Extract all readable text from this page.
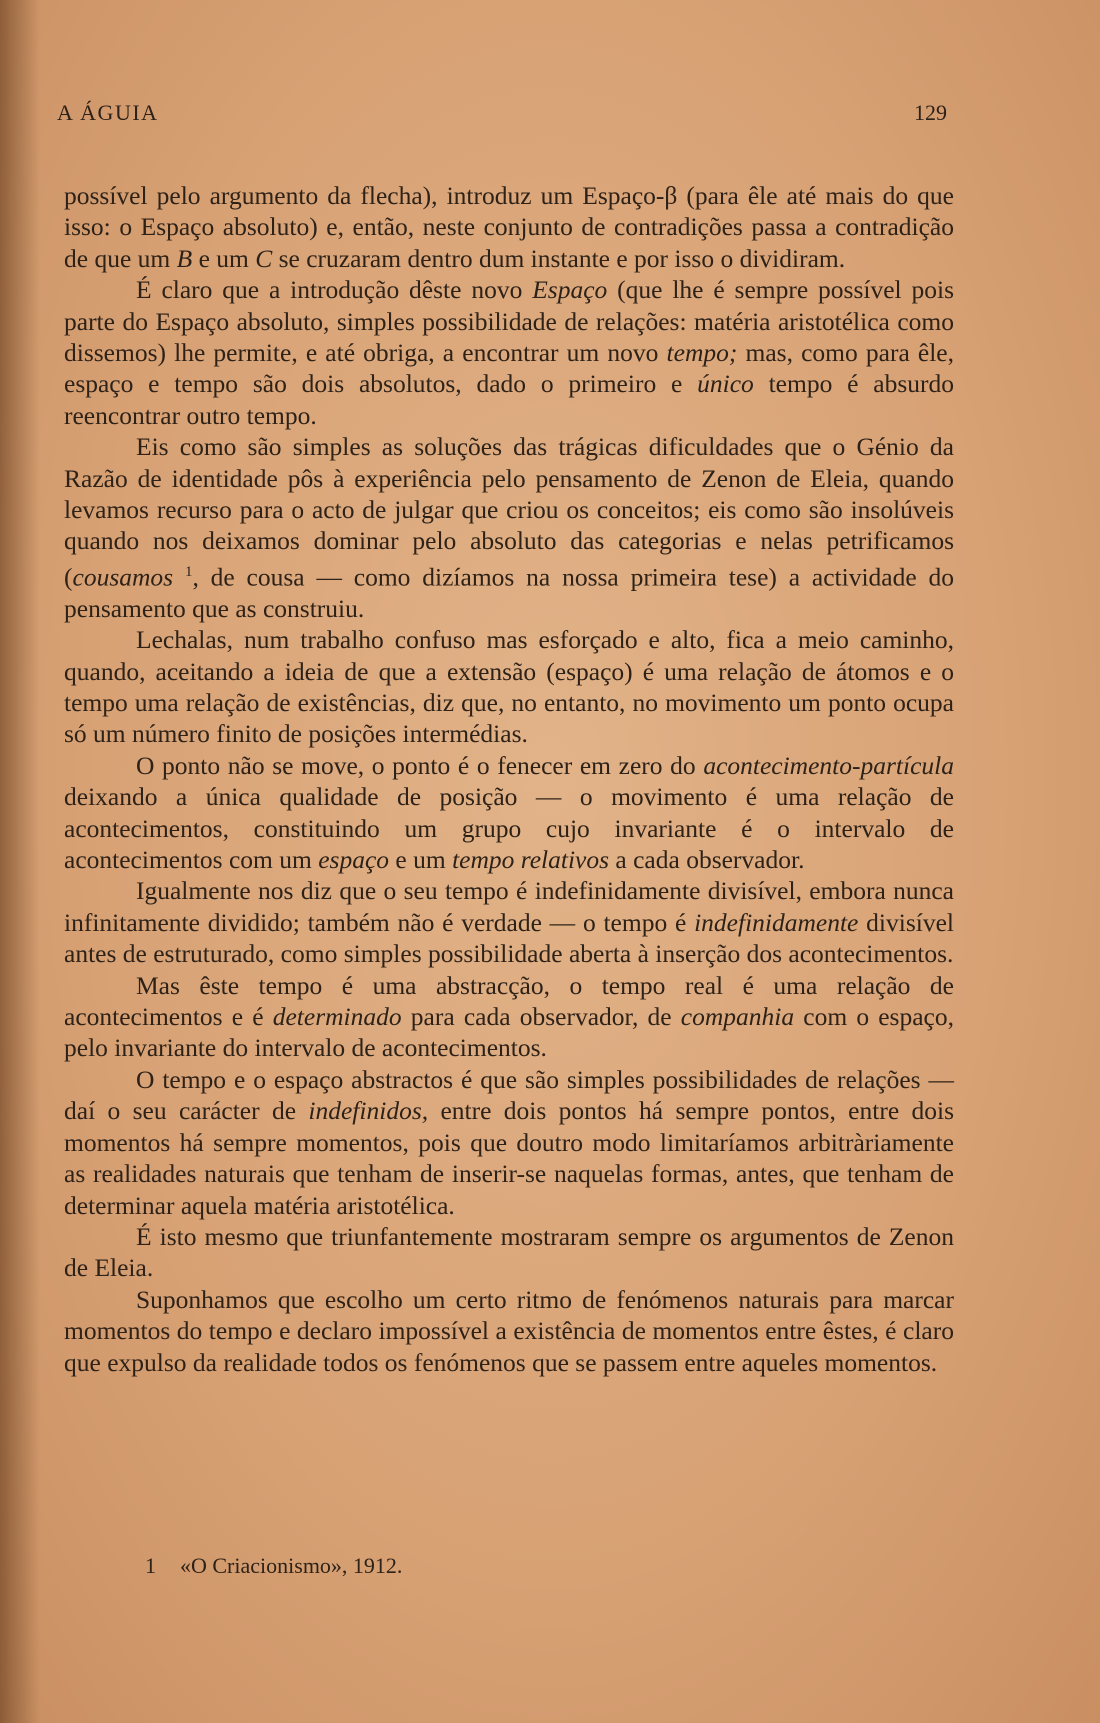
A ÁGUIA	129

possível pelo argumento da flecha), introduz um Espaço-β (para êle até mais do que isso: o Espaço absoluto) e, então, neste conjunto de contradições passa a contradição de que um B e um C se cruzaram dentro dum instante e por isso o dividiram.

É claro que a introdução dêste novo Espaço (que lhe é sempre possível pois parte do Espaço absoluto, simples possibilidade de relações: matéria aristotélica como dissemos) lhe permite, e até obriga, a encontrar um novo tempo; mas, como para êle, espaço e tempo são dois absolutos, dado o primeiro e único tempo é absurdo reencontrar outro tempo.

Eis como são simples as soluções das trágicas dificuldades que o Génio da Razão de identidade pôs à experiência pelo pensamento de Zenon de Eleia, quando levamos recurso para o acto de julgar que criou os conceitos; eis como são insolúveis quando nos deixamos dominar pelo absoluto das categorias e nelas petrificamos (cousamos $^1$, de cousa — como dizíamos na nossa primeira tese) a actividade do pensamento que as construiu.

Lechalas, num trabalho confuso mas esforçado e alto, fica a meio caminho, quando, aceitando a ideia de que a extensão (espaço) é uma relação de átomos e o tempo uma relação de existências, diz que, no entanto, no movimento um ponto ocupa só um número finito de posições intermédias.

O ponto não se move, o ponto é o fenecer em zero do acontecimento-partícula deixando a única qualidade de posição — o movimento é uma relação de acontecimentos, constituindo um grupo cujo invariante é o intervalo de acontecimentos com um espaço e um tempo relativos a cada observador.

Igualmente nos diz que o seu tempo é indefinidamente divisível, embora nunca infinitamente dividido; também não é verdade — o tempo é indefinidamente divisível antes de estruturado, como simples possibilidade aberta à inserção dos acontecimentos.

Mas êste tempo é uma abstracção, o tempo real é uma relação de acontecimentos e é determinado para cada observador, de companhia com o espaço, pelo invariante do intervalo de acontecimentos.

O tempo e o espaço abstractos é que são simples possibilidades de relações — daí o seu carácter de indefinidos, entre dois pontos há sempre pontos, entre dois momentos há sempre momentos, pois que doutro modo limitaríamos arbitràriamente as realidades naturais que tenham de inserir-se naquelas formas, antes, que tenham de determinar aquela matéria aristotélica.

É isto mesmo que triunfantemente mostraram sempre os argumentos de Zenon de Eleia.

Suponhamos que escolho um certo ritmo de fenómenos naturais para marcar momentos do tempo e declaro impossível a existência de momentos entre êstes, é claro que expulso da realidade todos os fenómenos que se passem entre aqueles momentos.

1 «O Criacionismo», 1912.
